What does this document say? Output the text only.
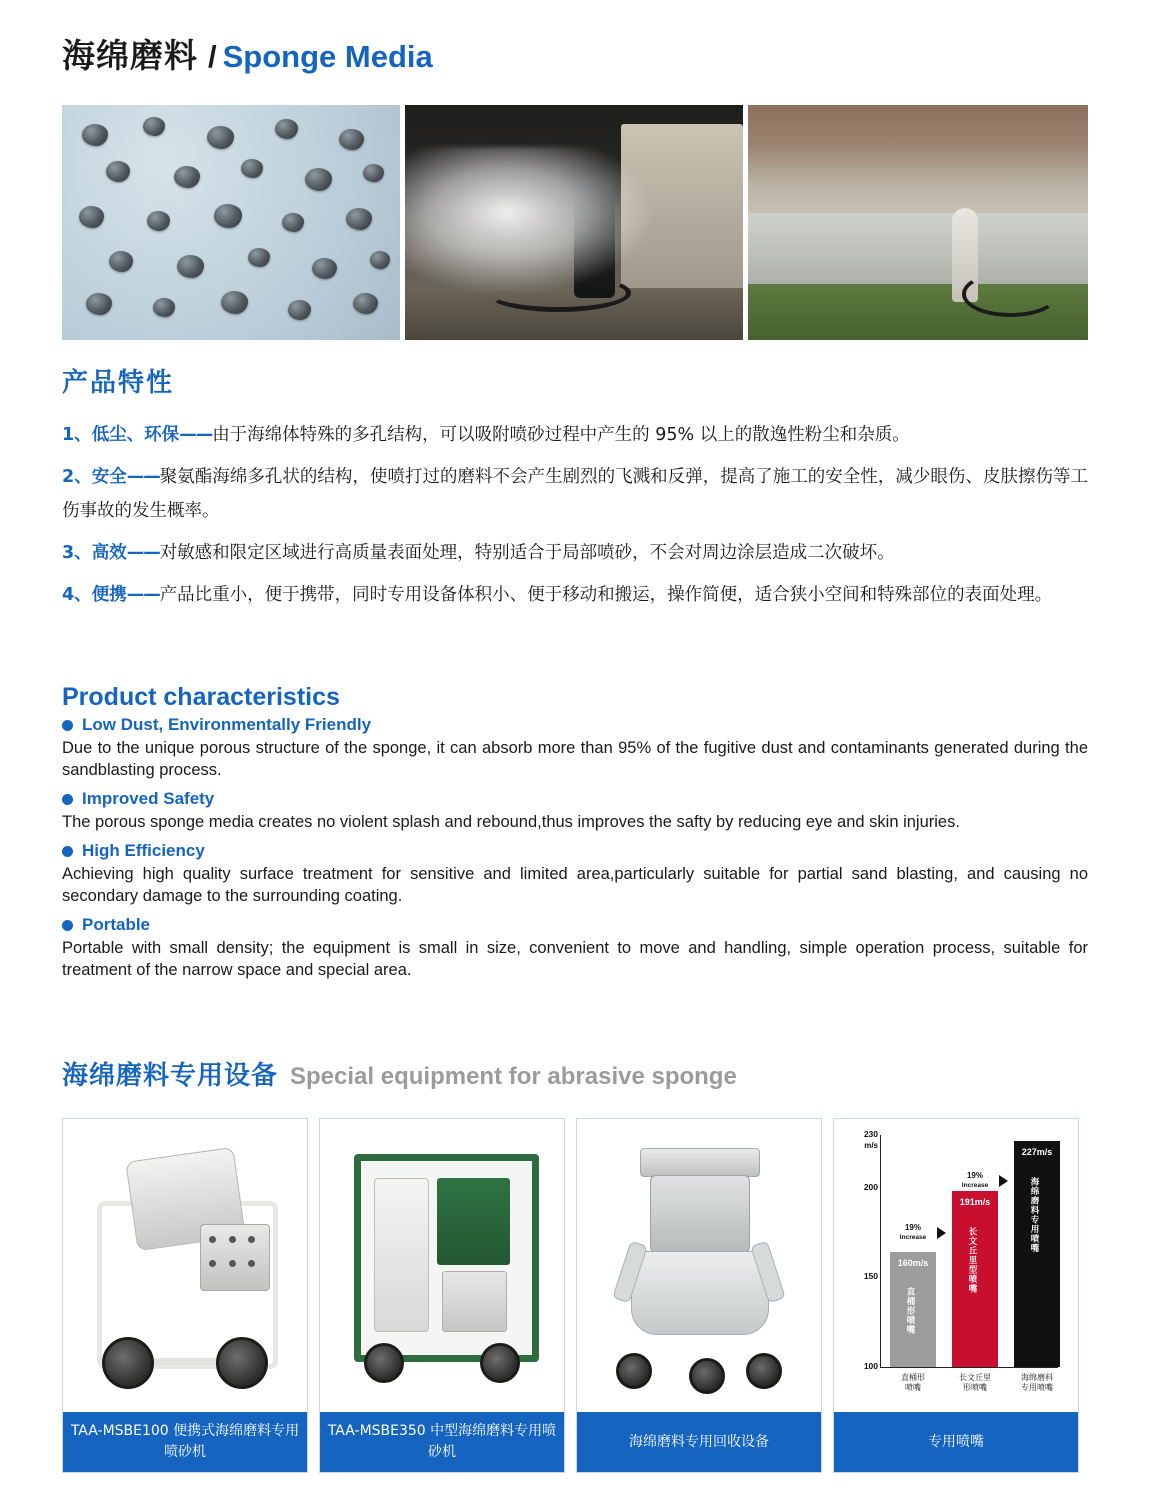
海绵磨料 / Sponge Media
产品特性
1、低尘、环保——由于海绵体特殊的多孔结构，可以吸附喷砂过程中产生的 95% 以上的散逸性粉尘和杂质。
2、安全——聚氨酯海绵多孔状的结构，使喷打过的磨料不会产生剧烈的飞溅和反弹，提高了施工的安全性，减少眼伤、皮肤擦伤等工伤事故的发生概率。
3、高效——对敏感和限定区域进行高质量表面处理，特别适合于局部喷砂，不会对周边涂层造成二次破坏。
4、便携——产品比重小，便于携带，同时专用设备体积小、便于移动和搬运，操作简便，适合狭小空间和特殊部位的表面处理。
Product characteristics
Low Dust, Environmentally Friendly

Due to the unique porous structure of the sponge, it can absorb more than 95% of the fugitive dust and contaminants generated during the sandblasting process.

Improved Safety

The porous sponge media creates no violent splash and rebound,thus improves the safty by reducing eye and skin injuries.

High Efficiency

Achieving high quality surface treatment for sensitive and limited area,particularly suitable for partial sand blasting, and causing no secondary damage to the surrounding coating.

Portable

Portable with small density; the equipment is small in size, convenient to move and handling, simple operation process, suitable for treatment of the narrow space and special area.

海绵磨料专用设备 Special equipment for abrasive sponge
TAA-MSBE100 便携式海绵磨料专用喷砂机
TAA-MSBE350 中型海绵磨料专用喷砂机
海绵磨料专用回收设备
230
m/s
200
150
100
160m/s
直桶形喷嘴
直桶形
喷嘴
191m/s
长文丘里型喷嘴
长文丘里
形喷嘴
227m/s
海绵磨料专用喷嘴
海绵磨料
专用喷嘴
19%
Increase
19%
Increase
专用喷嘴
